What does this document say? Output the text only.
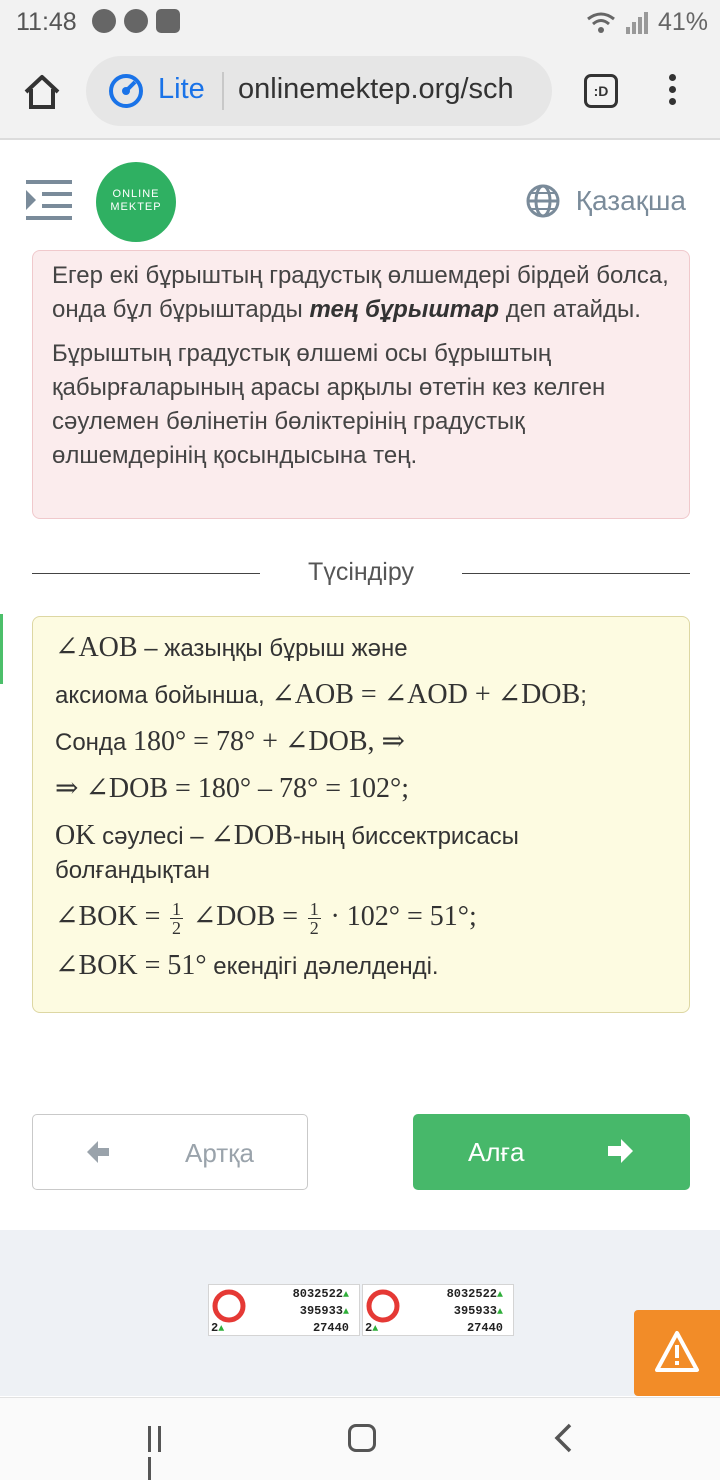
11:48	41%
Lite onlinemektep.org/sch	:D
ONLINE
MEKTEP	Қазақша

Егер екі бұрыштың градустық өлшемдері бірдей болса, онда бұл бұрыштарды тең бұрыштар деп атайды.

Бұрыштың градустық өлшемі осы бұрыштың қабырғаларының арасы арқылы өтетін кез келген сәулемен бөлінетін бөліктерінің градустық өлшемдерінің қосындысына тең.

Түсіндіру
∠AOB – жазыңқы бұрыш және
аксиома бойынша, ∠AOB = ∠AOD + ∠DOB;
Сонда 180° = 78° + ∠DOB, ⇒
⇒ ∠DOB = 180° – 78° = 102°;
OK сәулесі – ∠DOB-ның биссектрисасы болғандықтан
∠BOK = $\frac{1}{2}$ ∠DOB = $\frac{1}{2} \cdot 102^\circ = 51^\circ$;
∠BOK = 51° екендігі дәлелденді.
Артқа	Алға
8032522▲
395933▲
27440
2▲
8032522▲
395933▲
27440
2▲
